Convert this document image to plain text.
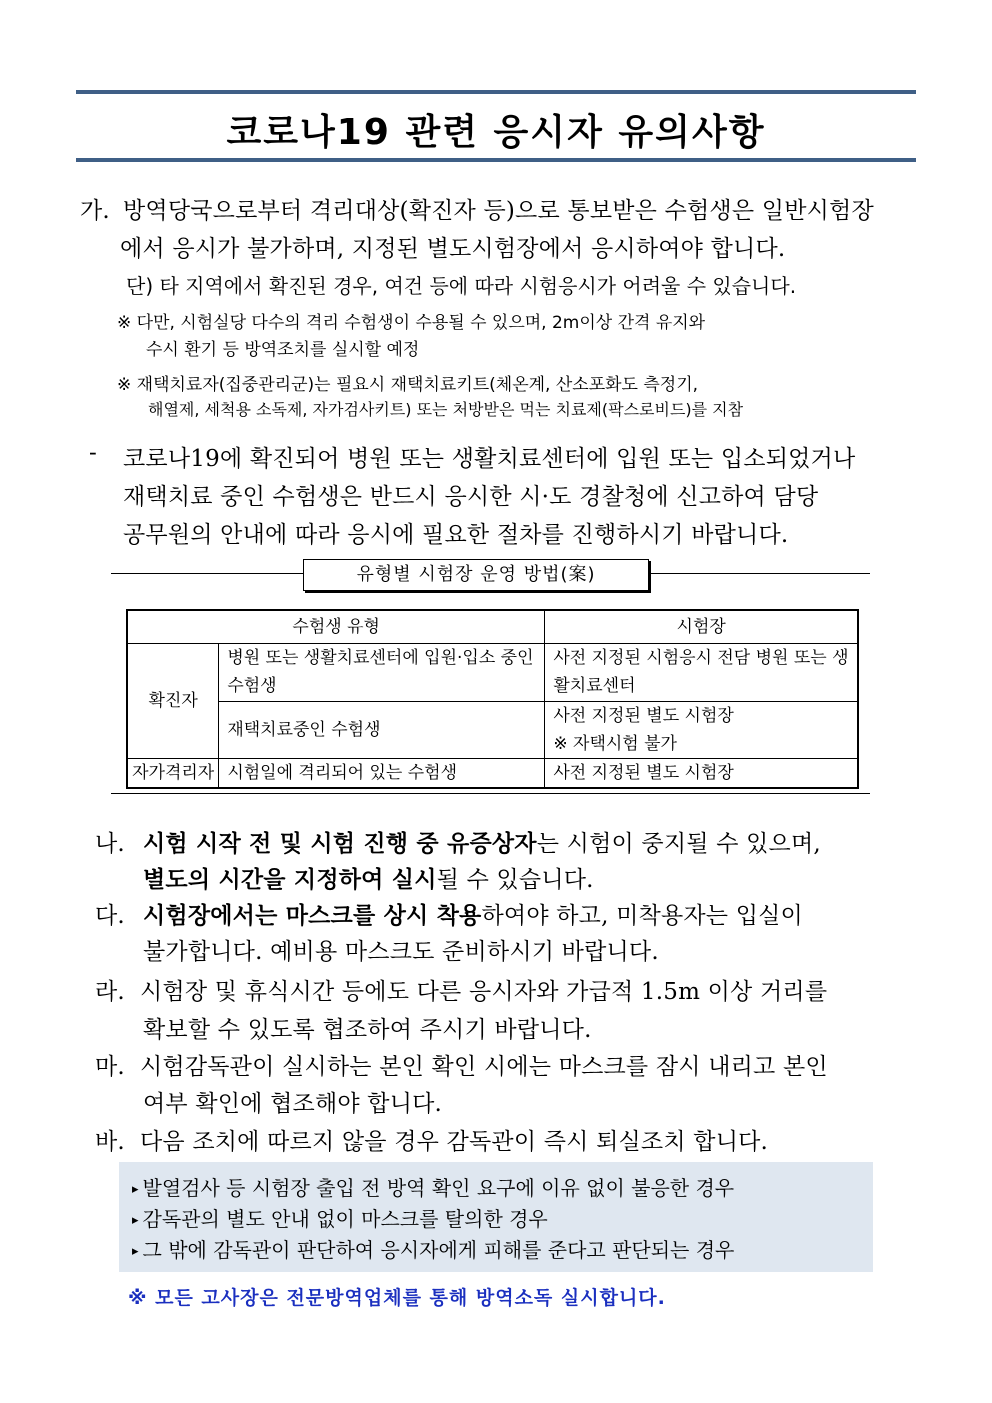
코로나19 관련 응시자 유의사항
가. 방역당국으로부터 격리대상(확진자 등)으로 통보받은 수험생은 일반시험장
에서 응시가 불가하며, 지정된 별도시험장에서 응시하여야 합니다.
단) 타 지역에서 확진된 경우, 여건 등에 따라 시험응시가 어려울 수 있습니다.
※ 다만, 시험실당 다수의 격리 수험생이 수용될 수 있으며, 2m이상 간격 유지와
수시 환기 등 방역조치를 실시할 예정
※ 재택치료자(집중관리군)는 필요시 재택치료키트(체온계, 산소포화도 측정기,
해열제, 세척용 소독제, 자가검사키트) 또는 처방받은 먹는 치료제(팍스로비드)를 지참
- 코로나19에 확진되어 병원 또는 생활치료센터에 입원 또는 입소되었거나
재택치료 중인 수험생은 반드시 응시한 시·도 경찰청에 신고하여 담당
공무원의 안내에 따라 응시에 필요한 절차를 진행하시기 바랍니다.
유형별 시험장 운영 방법(案)
수험생 유형		시험장
확진자	병원 또는 생활치료센터에 입원·입소 중인 수험생	사전 지정된 시험응시 전담 병원 또는 생활치료센터
	재택치료중인 수험생	사전 지정된 별도 시험장
※ 자택시험 불가

자가격리자	시험일에 격리되어 있는 수험생	사전 지정된 별도 시험장
나. 시험 시작 전 및 시험 진행 중 유증상자는 시험이 중지될 수 있으며,
별도의 시간을 지정하여 실시될 수 있습니다.
다. 시험장에서는 마스크를 상시 착용하여야 하고, 미착용자는 입실이
불가합니다. 예비용 마스크도 준비하시기 바랍니다.
라. 시험장 및 휴식시간 등에도 다른 응시자와 가급적 1.5m 이상 거리를
확보할 수 있도록 협조하여 주시기 바랍니다.
마. 시험감독관이 실시하는 본인 확인 시에는 마스크를 잠시 내리고 본인
여부 확인에 협조해야 합니다.
바. 다음 조치에 따르지 않을 경우 감독관이 즉시 퇴실조치 합니다.
▸ 발열검사 등 시험장 출입 전 방역 확인 요구에 이유 없이 불응한 경우
▸ 감독관의 별도 안내 없이 마스크를 탈의한 경우
▸ 그 밖에 감독관이 판단하여 응시자에게 피해를 준다고 판단되는 경우
※ 모든 고사장은 전문방역업체를 통해 방역소독 실시합니다.
